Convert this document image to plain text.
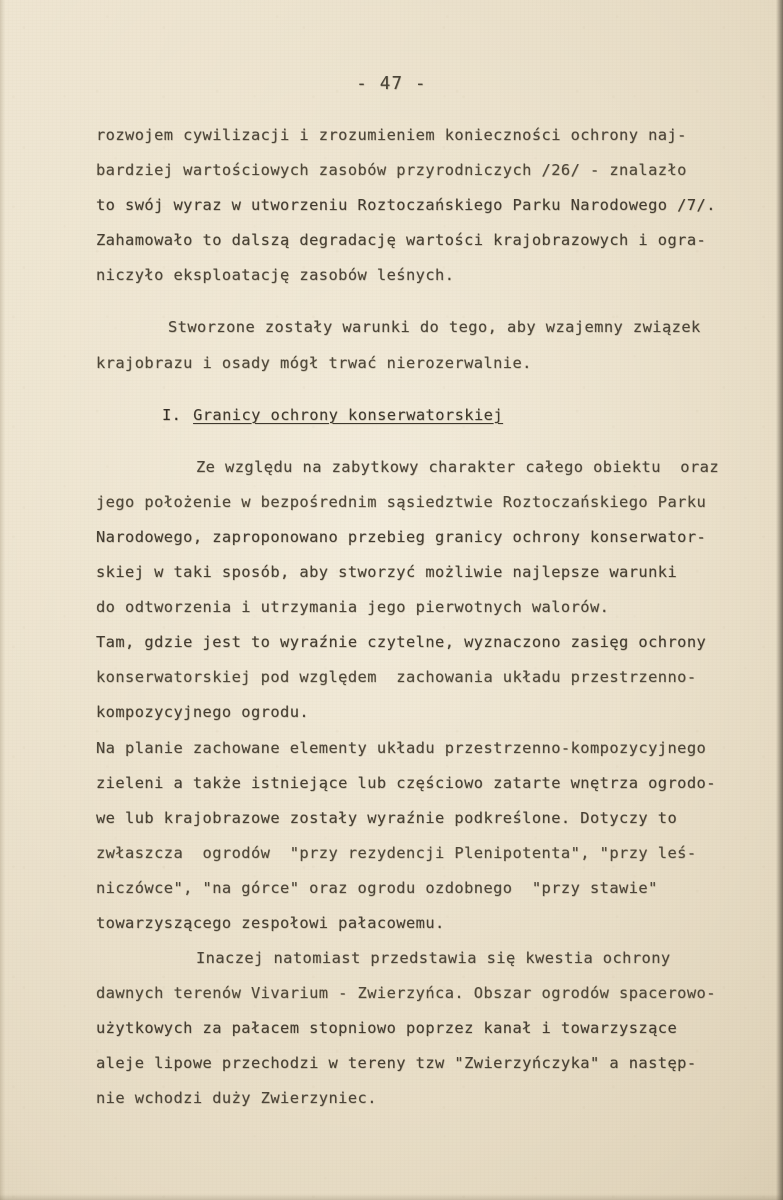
- 47 -
rozwojem cywilizacji i zrozumieniem konieczności ochrony naj-
bardziej wartościowych zasobów przyrodniczych /26/ - znalazło
to swój wyraz w utworzeniu Roztoczańskiego Parku Narodowego /7/.
Zahamowało to dalszą degradację wartości krajobrazowych i ogra-
niczyło eksploatację zasobów leśnych.
Stworzone zostały warunki do tego, aby wzajemny związek
krajobrazu i osady mógł trwać nierozerwalnie.
I. Granicy ochrony konserwatorskiej
Ze względu na zabytkowy charakter całego obiektu  oraz
jego położenie w bezpośrednim sąsiedztwie Roztoczańskiego Parku
Narodowego, zaproponowano przebieg granicy ochrony konserwator-
skiej w taki sposób, aby stworzyć możliwie najlepsze warunki
do odtworzenia i utrzymania jego pierwotnych walorów.
Tam, gdzie jest to wyraźnie czytelne, wyznaczono zasięg ochrony
konserwatorskiej pod względem  zachowania układu przestrzenno-
kompozycyjnego ogrodu.
Na planie zachowane elementy układu przestrzenno-kompozycyjnego
zieleni a także istniejące lub częściowo zatarte wnętrza ogrodo-
we lub krajobrazowe zostały wyraźnie podkreślone. Dotyczy to
zwłaszcza  ogrodów  "przy rezydencji Plenipotenta", "przy leś-
niczówce", "na górce" oraz ogrodu ozdobnego  "przy stawie"
towarzyszącego zespołowi pałacowemu.
Inaczej natomiast przedstawia się kwestia ochrony
dawnych terenów Vivarium - Zwierzyńca. Obszar ogrodów spacerowo-
użytkowych za pałacem stopniowo poprzez kanał i towarzyszące
aleje lipowe przechodzi w tereny tzw "Zwierzyńczyka" a następ-
nie wchodzi duży Zwierzyniec.
